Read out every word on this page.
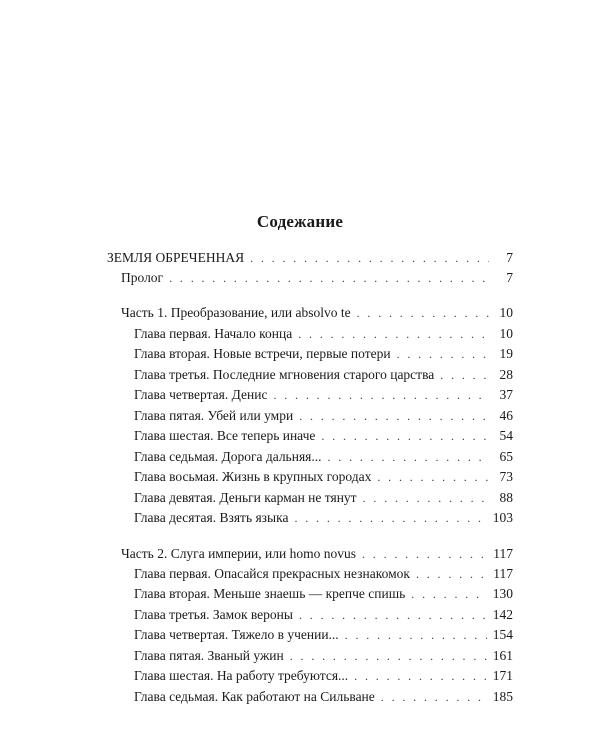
Содежание
ЗЕМЛЯ ОБРЕЧЕННАЯ . . .	7
Пролог . . .	7
Часть 1. Преобразование, или absolvo te . . .	10
Глава первая. Начало конца . . .	10
Глава вторая. Новые встречи, первые потери . . .	19
Глава третья. Последние мгновения старого царства . . .	28
Глава четвертая. Денис . . .	37
Глава пятая. Убей или умри . . .	46
Глава шестая. Все теперь иначе . . .	54
Глава седьмая. Дорога дальняя... . . .	65
Глава восьмая. Жизнь в крупных городах . . .	73
Глава девятая. Деньги карман не тянут . . .	88
Глава десятая. Взять языка . . .	103
Часть 2. Слуга империи, или homo novus . . .	117
Глава первая. Опасайся прекрасных незнакомок . . .	117
Глава вторая. Меньше знаешь — крепче спишь . . .	130
Глава третья. Замок вероны . . .	142
Глава четвертая. Тяжело в учении... . . .	154
Глава пятая. Званый ужин . . .	161
Глава шестая. На работу требуются... . . .	171
Глава седьмая. Как работают на Сильване . . .	185
